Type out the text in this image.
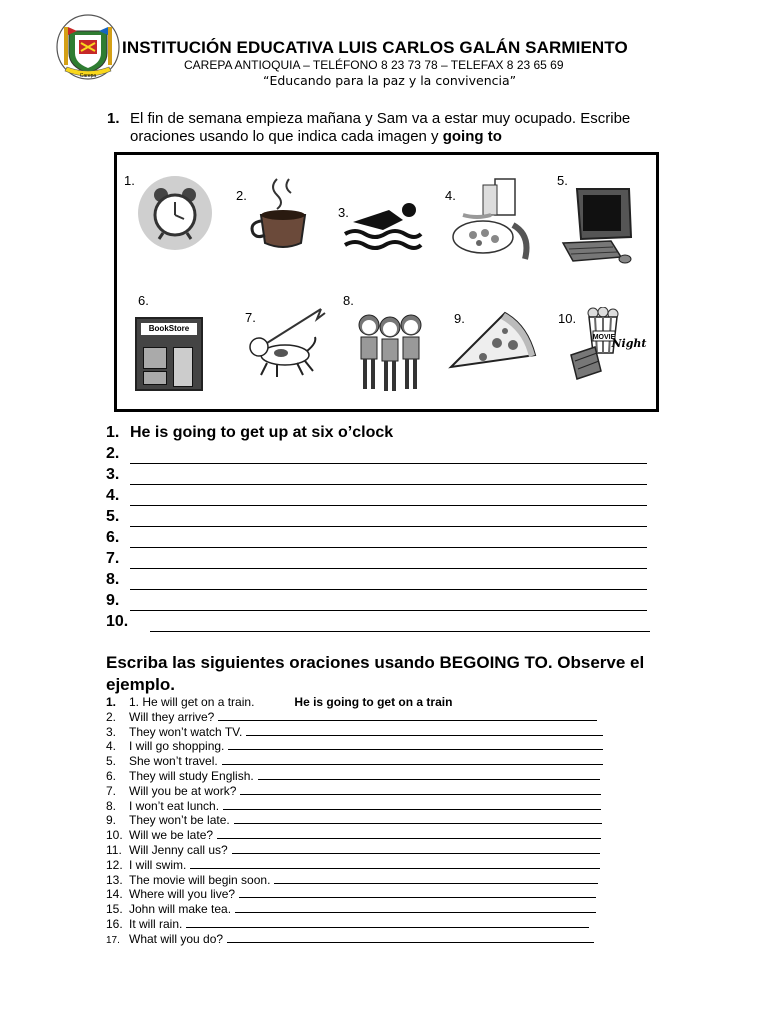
Carepa
INSTITUCIÓN EDUCATIVA LUIS CARLOS GALÁN SARMIENTO
CAREPA ANTIOQUIA – TELÉFONO 8 23 73 78 – TELEFAX 8 23 65 69
“Educando para la paz y la convivencia”
1. El fin de semana empieza mañana y Sam va a estar muy ocupado. Escribe oraciones usando lo que indica cada imagen y going to
1.
2.
3.
4.
5.
6.
BookStore
7.
8.
9.	10.
MOVIE
Night
1. He is going to get up at six o’clock
2.
3.
4.
5.
6.
7.
8.
9.
10.
Escriba las siguientes oraciones usando BEGOING TO. Observe el ejemplo.
1. 1. He will get on a train.	He is going to get on a train
2. Will they arrive?
3. They won’t watch TV.
4. I will go shopping.
5. She won’t travel.
6. They will study English.
7. Will you be at work?
8. I won’t eat lunch.
9. They won’t be late.
10. Will we be late?
11. Will Jenny call us?
12. I will swim.
13. The movie will begin soon.
14. Where will you live?
15. John will make tea.
16. It will rain.
17. What will you do?
